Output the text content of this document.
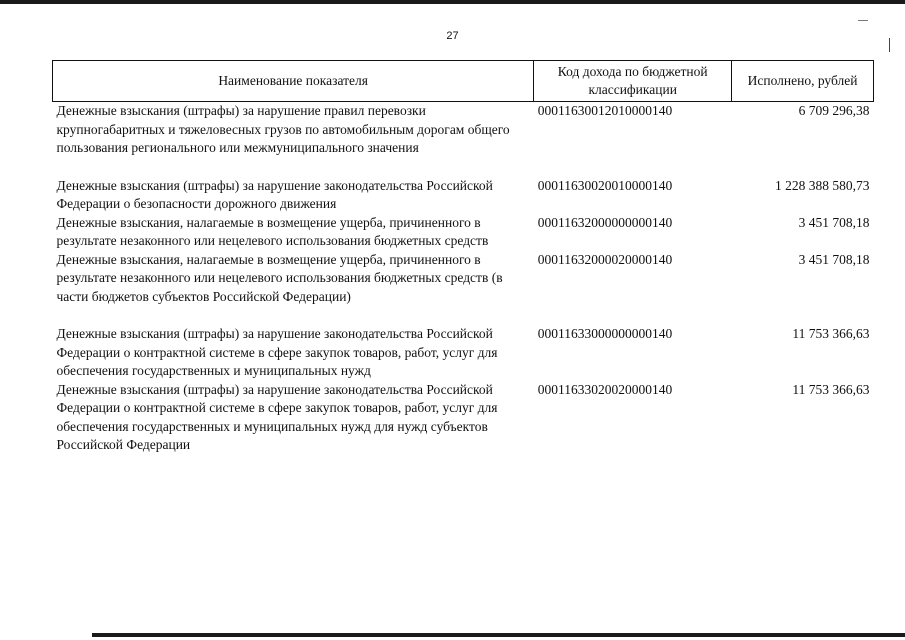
27
Наименование показателя	Код дохода по бюджетной классификации	Исполнено, рублей
Денежные взыскания (штрафы) за нарушение правил перевозки крупногабаритных и тяжеловесных грузов по автомобильным дорогам общего пользования регионального или межмуниципального значения	00011630012010000140	6 709 296,38
Денежные взыскания (штрафы) за нарушение законодательства Российской Федерации о безопасности дорожного движения	00011630020010000140	1 228 388 580,73
Денежные взыскания, налагаемые в возмещение ущерба, причиненного в результате незаконного или нецелевого использования бюджетных средств	00011632000000000140	3 451 708,18
Денежные взыскания, налагаемые в возмещение ущерба, причиненного в результате незаконного или нецелевого использования бюджетных средств (в части бюджетов субъектов Российской Федерации)	00011632000020000140	3 451 708,18
Денежные взыскания (штрафы) за нарушение законодательства Российской Федерации о контрактной системе в сфере закупок товаров, работ, услуг для обеспечения государственных и муниципальных нужд	00011633000000000140	11 753 366,63
Денежные взыскания (штрафы) за нарушение законодательства Российской Федерации о контрактной системе в сфере закупок товаров, работ, услуг для обеспечения государственных и муниципальных нужд для нужд субъектов Российской Федерации	00011633020020000140	11 753 366,63
